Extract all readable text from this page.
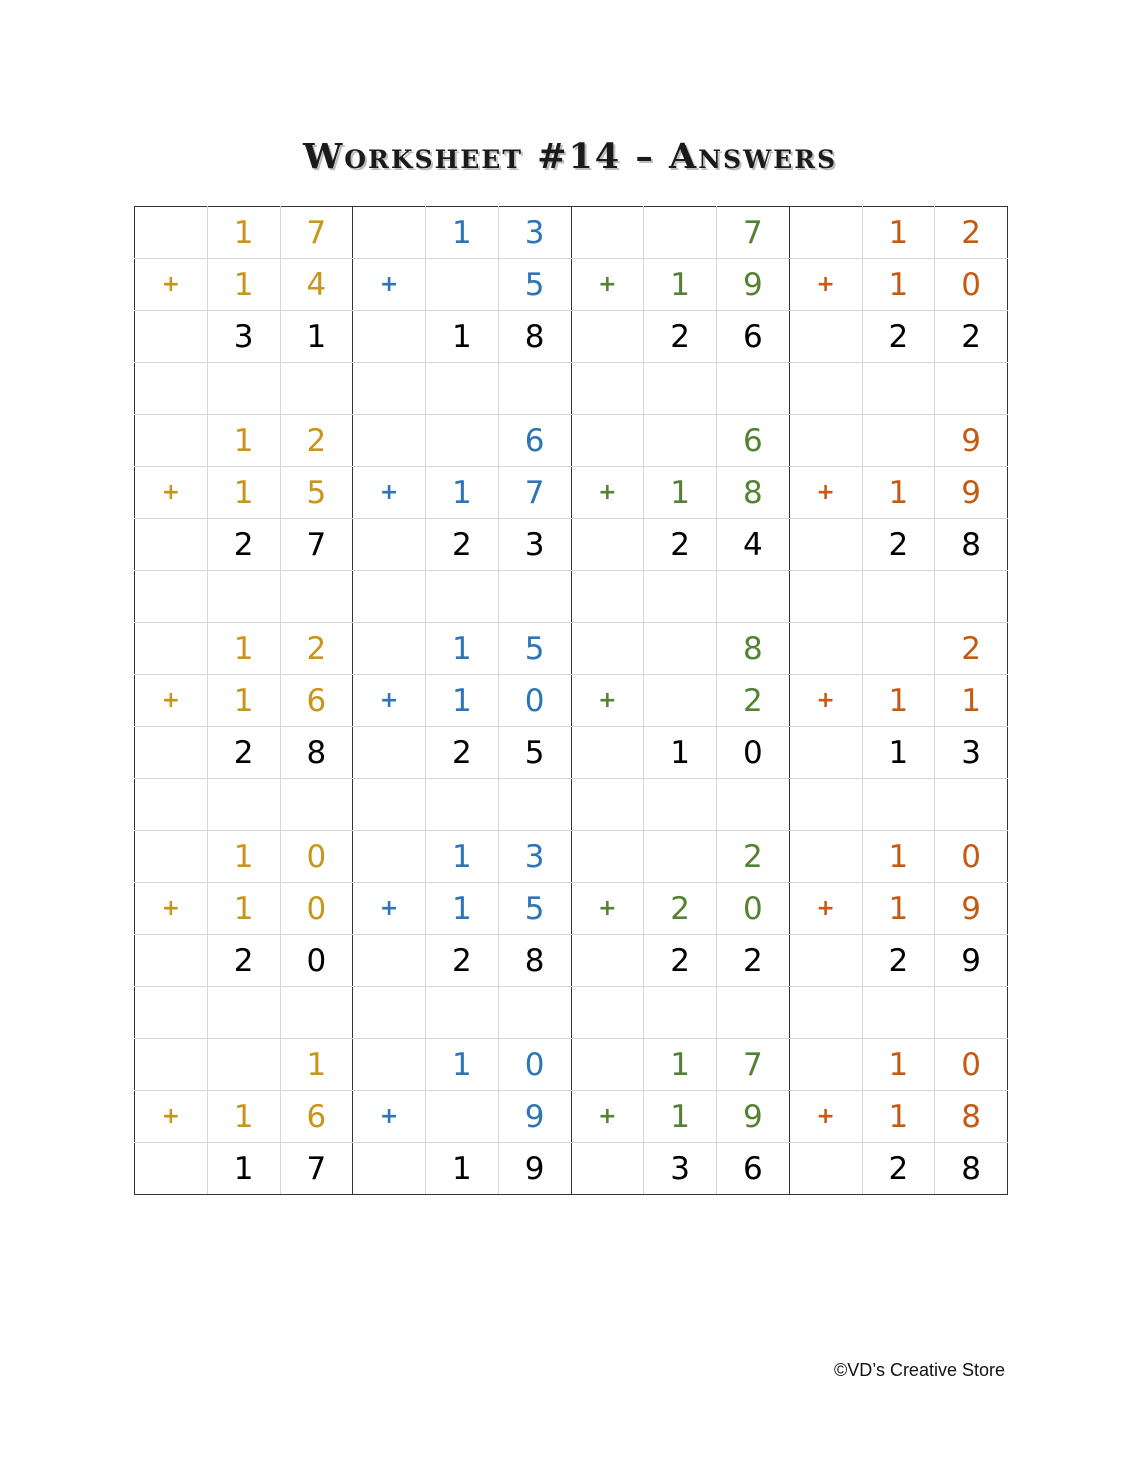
Worksheet #14 – Answers
	1	7		1	3			7		1	2
+	1	4	+		5	+	1	9	+	1	0
	3	1		1	8		2	6		2	2

	1	2			6			6			9
+	1	5	+	1	7	+	1	8	+	1	9
	2	7		2	3		2	4		2	8

	1	2		1	5			8			2
+	1	6	+	1	0	+		2	+	1	1
	2	8		2	5		1	0		1	3

	1	0		1	3			2		1	0
+	1	0	+	1	5	+	2	0	+	1	9
	2	0		2	8		2	2		2	9

		1		1	0		1	7		1	0
+	1	6	+		9	+	1	9	+	1	8
	1	7		1	9		3	6		2	8
©VD’s Creative Store
